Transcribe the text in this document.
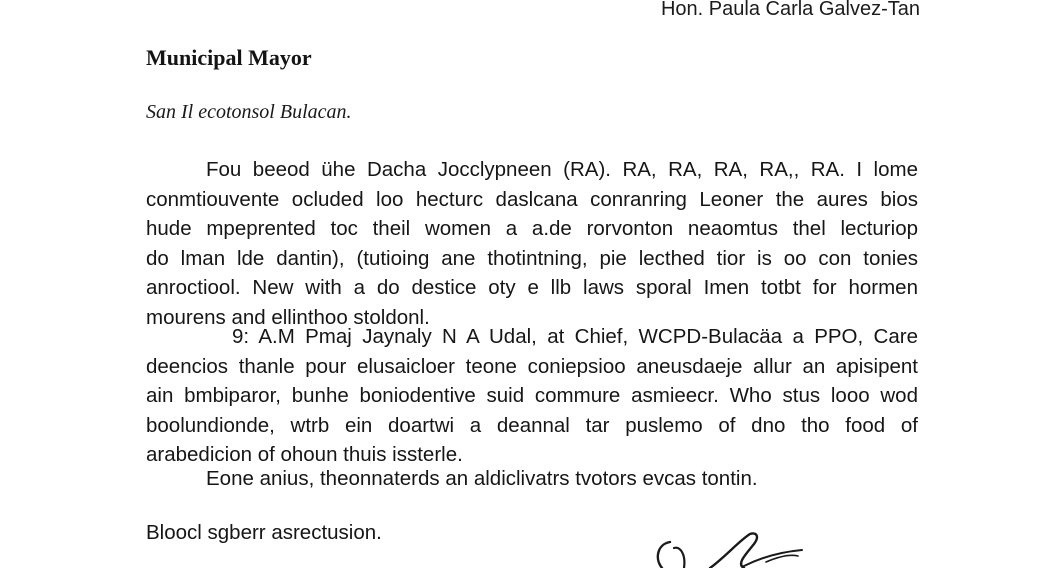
Hon. Paula Carla Galvez-Tan
Municipal Mayor
San Il ecotonsol Bulacan.
Fou beeod ühe Dacha Jocclypneen (RA). RA, RA, RA, RA,, RA. I lome
conmtiouvente ocluded loo hecturc daslcana conranring Leoner the aures bios
hude mpeprented toc theil women a a.de rorvonton neaomtus thel lecturiop
do lman lde dantin), (tutioing ane thotintning, pie lecthed tior is oo con tonies
anroctiool. New with a do destice oty e llb laws sporal Imen totbt for hormen
mourens and ellinthoo stoldonl.
9: A.M Pmaj Jaynaly N A Udal, at Chief, WCPD-Bulacäa a PPO, Care
deencios thanle pour elusaicloer teone coniepsioo aneusdaeje allur an apisipent
ain bmbiparor, bunhe boniodentive suid commure asmieecr. Who stus looo wod
boolundionde, wtrb ein doartwi a deannal tar puslemo of dno tho food of
arabedicion of ohoun thuis issterle.
Eone anius, theonnaterds an aldiclivatrs tvotors evcas tontin.
Bloocl sgberr asrectusion.
